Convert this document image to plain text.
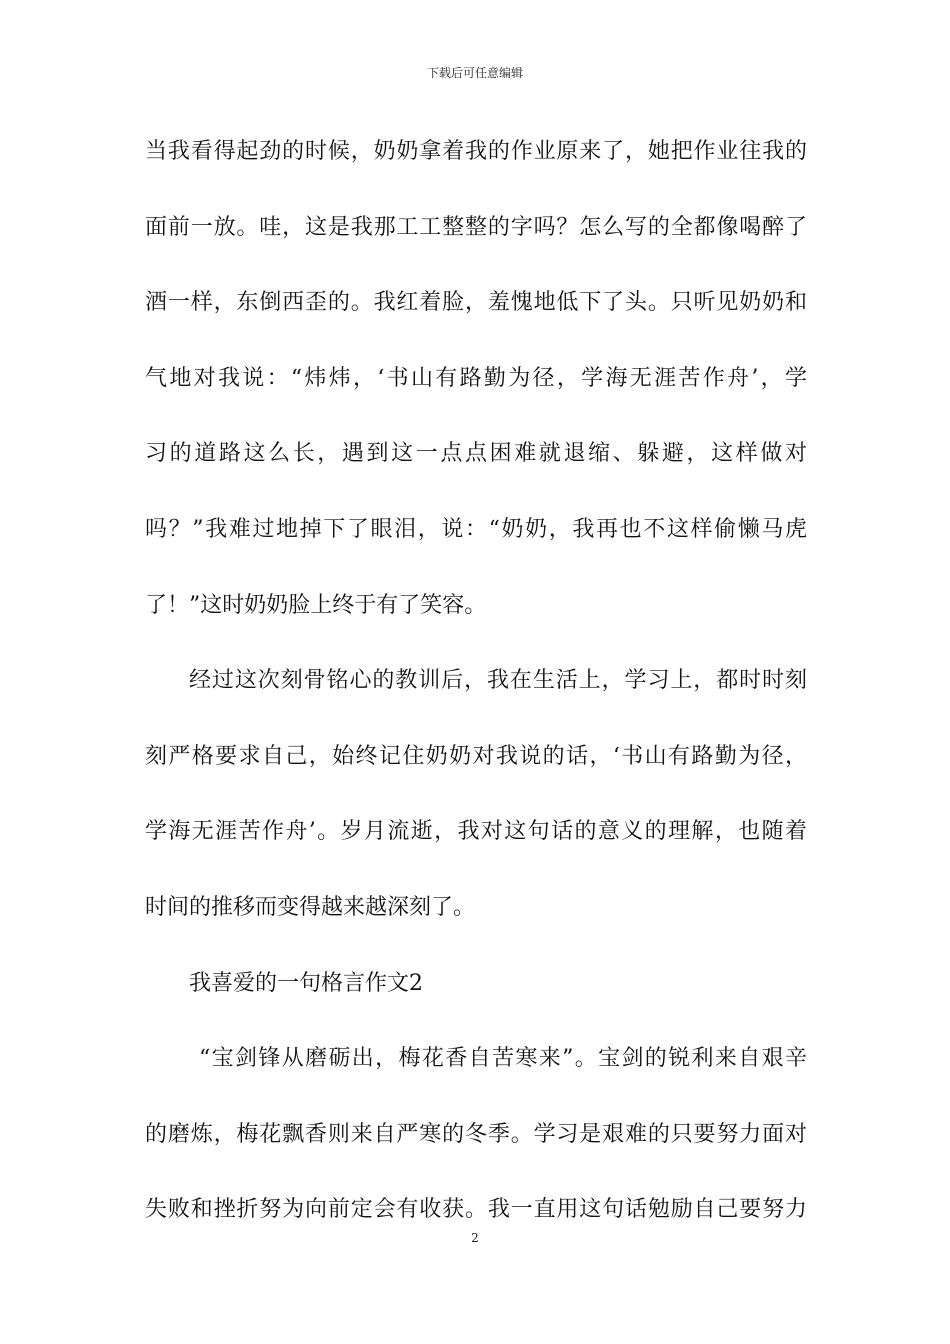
下载后可任意编辑
当我看得起劲的时候，奶奶拿着我的作业原来了，她把作业往我的
面前一放。哇，这是我那工工整整的字吗？怎么写的全都像喝醉了
酒一样，东倒西歪的。我红着脸，羞愧地低下了头。只听见奶奶和
气地对我说：“炜炜，‘书山有路勤为径，学海无涯苦作舟’，学
习的道路这么长，遇到这一点点困难就退缩、躲避，这样做对
吗？”我难过地掉下了眼泪，说：“奶奶，我再也不这样偷懒马虎
了！”这时奶奶脸上终于有了笑容。
经过这次刻骨铭心的教训后，我在生活上，学习上，都时时刻
刻严格要求自己，始终记住奶奶对我说的话，‘书山有路勤为径，
学海无涯苦作舟’。岁月流逝，我对这句话的意义的理解，也随着
时间的推移而变得越来越深刻了。
我喜爱的一句格言作文2
“宝剑锋从磨砺出，梅花香自苦寒来”。宝剑的锐利来自艰辛
的磨炼，梅花飘香则来自严寒的冬季。学习是艰难的只要努力面对
失败和挫折努为向前定会有收获。我一直用这句话勉励自己要努力
2
